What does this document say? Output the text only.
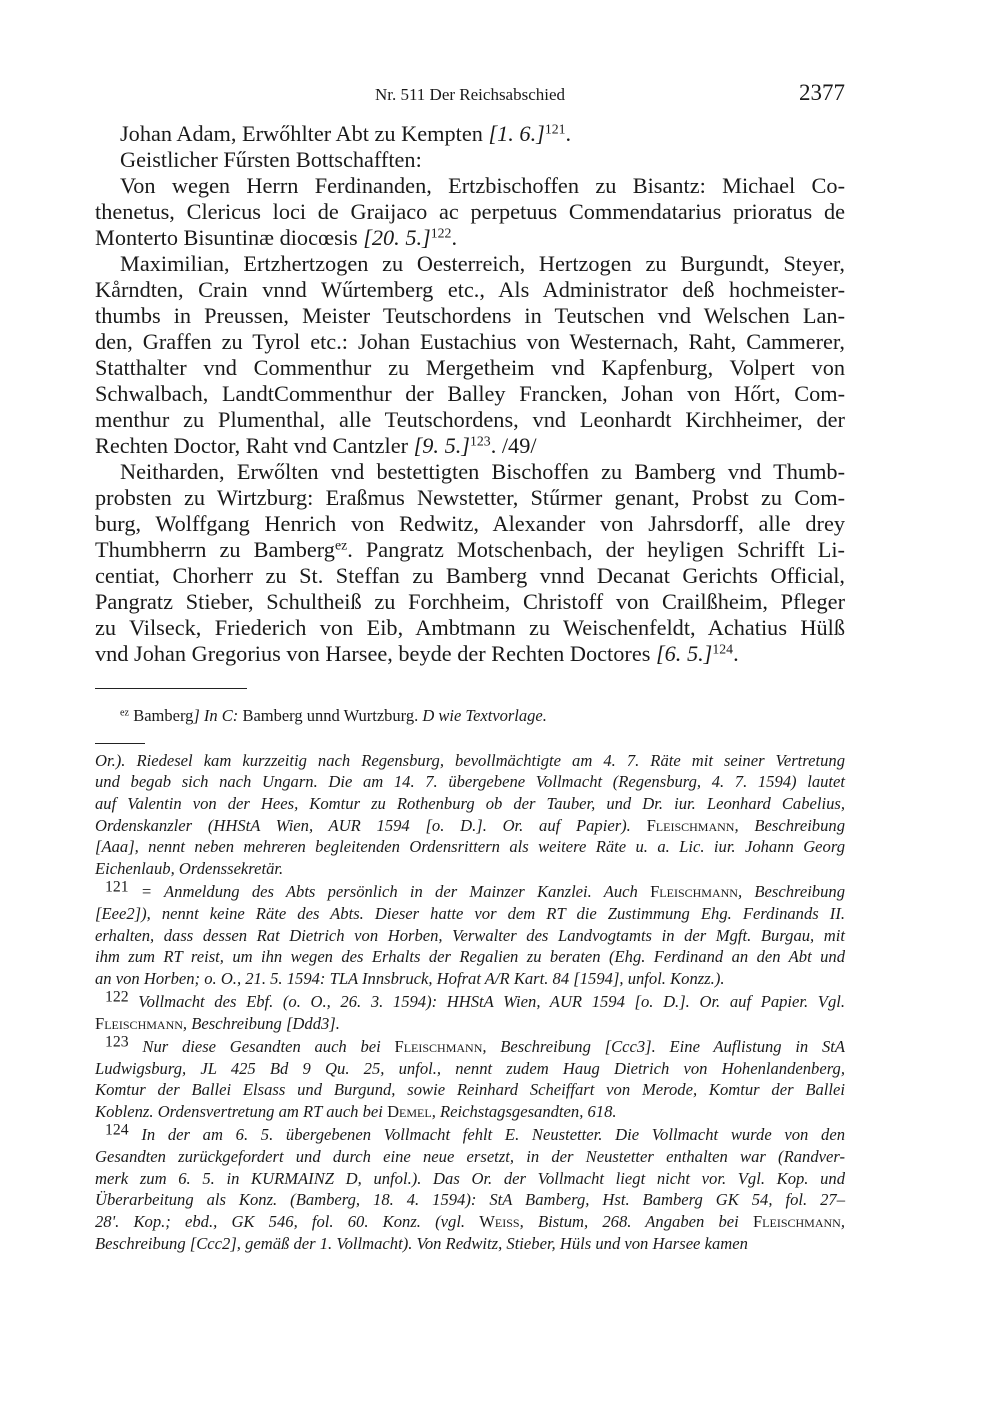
Nr. 511 Der Reichsabschied	2377
Johan Adam, Erwőhlter Abt zu Kempten [1. 6.]$^{121}$.
Geistlicher Fűrsten Bottschafften:
Von wegen Herrn Ferdinanden, Ertzbischoffen zu Bisantz: Michael Co-
thenetus, Clericus loci de Graijaco ac perpetuus Commendatarius prioratus de
Monterto Bisuntinæ diocœsis [20. 5.]$^{122}$.
Maximilian, Ertzhertzogen zu Oesterreich, Hertzogen zu Burgundt, Steyer,
Kårndten, Crain vnnd Wűrtemberg etc., Als Administrator deß hochmeister-
thumbs in Preussen, Meister Teutschordens in Teutschen vnd Welschen Lan-
den, Graffen zu Tyrol etc.: Johan Eustachius von Westernach, Raht, Cammerer,
Statthalter vnd Commenthur zu Mergetheim vnd Kapfenburg, Volpert von
Schwalbach, LandtCommenthur der Balley Francken, Johan von Hőrt, Com-
menthur zu Plumenthal, alle Teutschordens, vnd Leonhardt Kirchheimer, der
Rechten Doctor, Raht vnd Cantzler [9. 5.]$^{123}$. /49/
Neitharden, Erwőlten vnd bestettigten Bischoffen zu Bamberg vnd Thumb-
probsten zu Wirtzburg: Eraßmus Newstetter, Stűrmer genant, Probst zu Com-
burg, Wolffgang Henrich von Redwitz, Alexander von Jahrsdorff, alle drey
Thumbherrn zu Bamberg$^{ez}$. Pangratz Motschenbach, der heyligen Schrifft Li-
centiat, Chorherr zu St. Steffan zu Bamberg vnnd Decanat Gerichts Official,
Pangratz Stieber, Schultheiß zu Forchheim, Christoff von Crailßheim, Pfleger
zu Vilseck, Friederich von Eib, Ambtmann zu Weischenfeldt, Achatius Hülß
vnd Johan Gregorius von Harsee, beyde der Rechten Doctores [6. 5.]$^{124}$.
$^{ez}$ Bamberg] In C: Bamberg unnd Wurtzburg. D wie Textvorlage.
Or.). Riedesel kam kurzzeitig nach Regensburg, bevollmächtigte am 4. 7. Räte mit seiner Vertretung
und begab sich nach Ungarn. Die am 14. 7. übergebene Vollmacht (Regensburg, 4. 7. 1594) lautet
auf Valentin von der Hees, Komtur zu Rothenburg ob der Tauber, und Dr. iur. Leonhard Cabelius,
Ordenskanzler (HHStA Wien, AUR 1594 [o. D.]. Or. auf Papier). Fleischmann, Beschreibung
[Aaa], nennt neben mehreren begleitenden Ordensrittern als weitere Räte u. a. Lic. iur. Johann Georg
Eichenlaub, Ordenssekretär.
121 = Anmeldung des Abts persönlich in der Mainzer Kanzlei. Auch Fleischmann, Beschreibung
[Eee2]), nennt keine Räte des Abts. Dieser hatte vor dem RT die Zustimmung Ehg. Ferdinands II.
erhalten, dass dessen Rat Dietrich von Horben, Verwalter des Landvogtamts in der Mgft. Burgau, mit
ihm zum RT reist, um ihn wegen des Erhalts der Regalien zu beraten (Ehg. Ferdinand an den Abt und
an von Horben; o. O., 21. 5. 1594: TLA Innsbruck, Hofrat A/R Kart. 84 [1594], unfol. Konzz.).
122 Vollmacht des Ebf. (o. O., 26. 3. 1594): HHStA Wien, AUR 1594 [o. D.]. Or. auf Papier. Vgl.
Fleischmann, Beschreibung [Ddd3].
123 Nur diese Gesandten auch bei Fleischmann, Beschreibung [Ccc3]. Eine Auflistung in StA
Ludwigsburg, JL 425 Bd 9 Qu. 25, unfol., nennt zudem Haug Dietrich von Hohenlandenberg,
Komtur der Ballei Elsass und Burgund, sowie Reinhard Scheiffart von Merode, Komtur der Ballei
Koblenz. Ordensvertretung am RT auch bei Demel, Reichstagsgesandten, 618.
124 In der am 6. 5. übergebenen Vollmacht fehlt E. Neustetter. Die Vollmacht wurde von den
Gesandten zurückgefordert und durch eine neue ersetzt, in der Neustetter enthalten war (Randver-
merk zum 6. 5. in KURMAINZ D, unfol.). Das Or. der Vollmacht liegt nicht vor. Vgl. Kop. und
Überarbeitung als Konz. (Bamberg, 18. 4. 1594): StA Bamberg, Hst. Bamberg GK 54, fol. 27–
28'. Kop.; ebd., GK 546, fol. 60. Konz. (vgl. Weiss, Bistum, 268. Angaben bei Fleischmann,
Beschreibung [Ccc2], gemäß der 1. Vollmacht). Von Redwitz, Stieber, Hüls und von Harsee kamen
